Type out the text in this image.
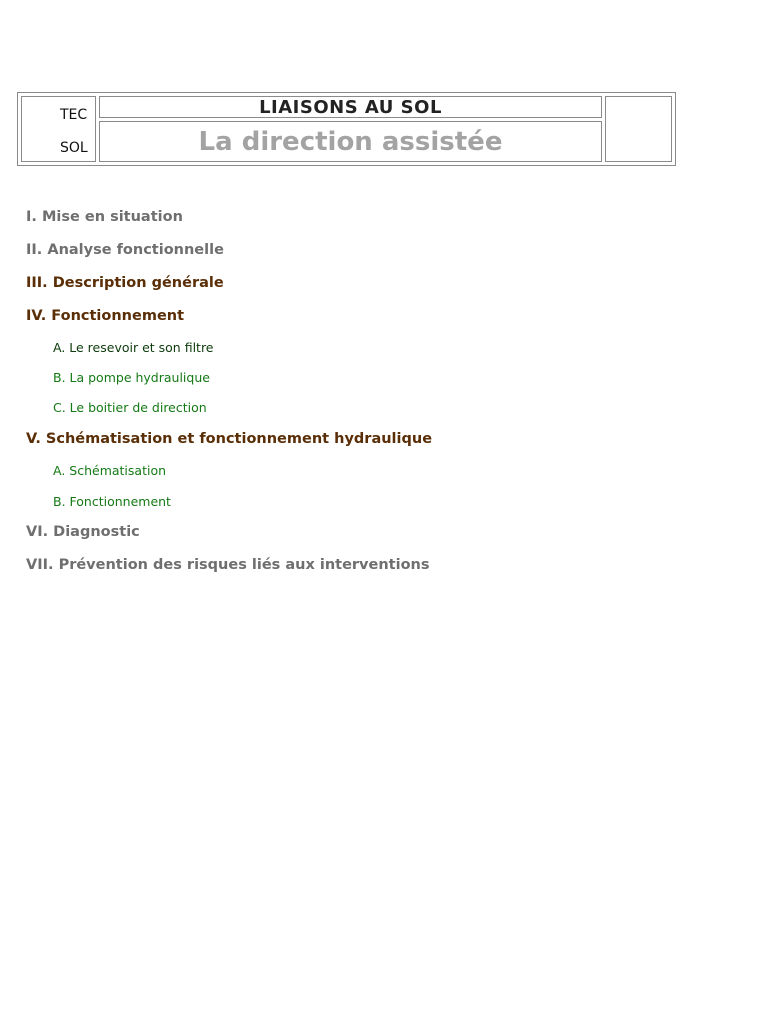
TEC
SOL
LIAISONS AU SOL
La direction assistée
I. Mise en situation
II. Analyse fonctionnelle
III. Description générale
IV. Fonctionnement
A. Le resevoir et son filtre
B. La pompe hydraulique
C. Le boitier de direction
V. Schématisation et fonctionnement hydraulique
A. Schématisation
B. Fonctionnement
VI. Diagnostic
VII. Prévention des risques liés aux interventions
